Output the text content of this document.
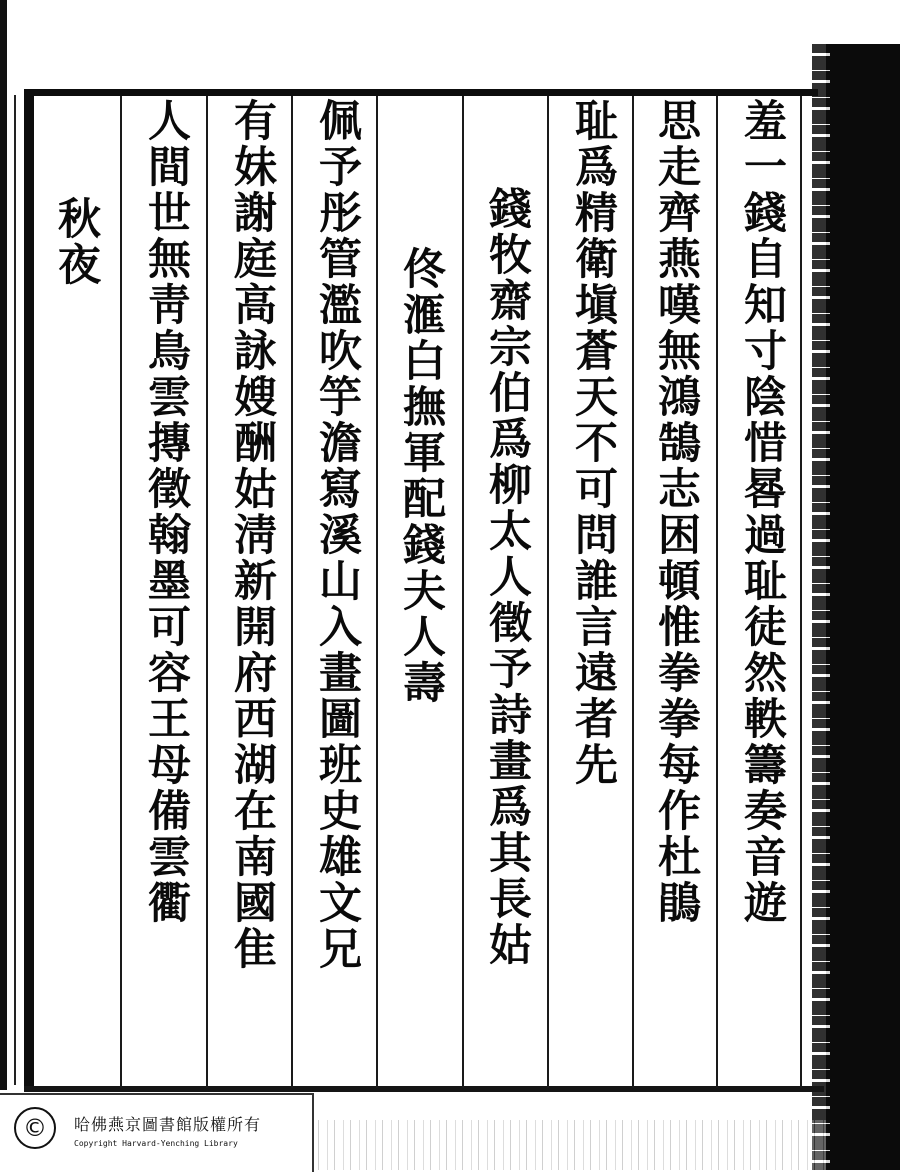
羞一錢自知寸陰惜晷過耻徒然軼籌奏音遊
思走齊燕嘆無鴻鵠志困頓惟拳拳每作杜鵑
耻爲精衛塡蒼天不可問誰言遠者先
錢牧齋宗伯爲柳太人徵予詩畫爲其長姑
佟滙白撫軍配錢夫人壽
佩予彤管濫吹竽澹寫溪山入畫圖班史雄文兄
有妹謝庭高詠嫂酬姑淸新開府西湖在南國隹
人間世無靑鳥雲摶徵翰墨可容王母備雲衢
秋夜
©	哈佛燕京圖書館版權所有
Copyright Harvard-Yenching Library
